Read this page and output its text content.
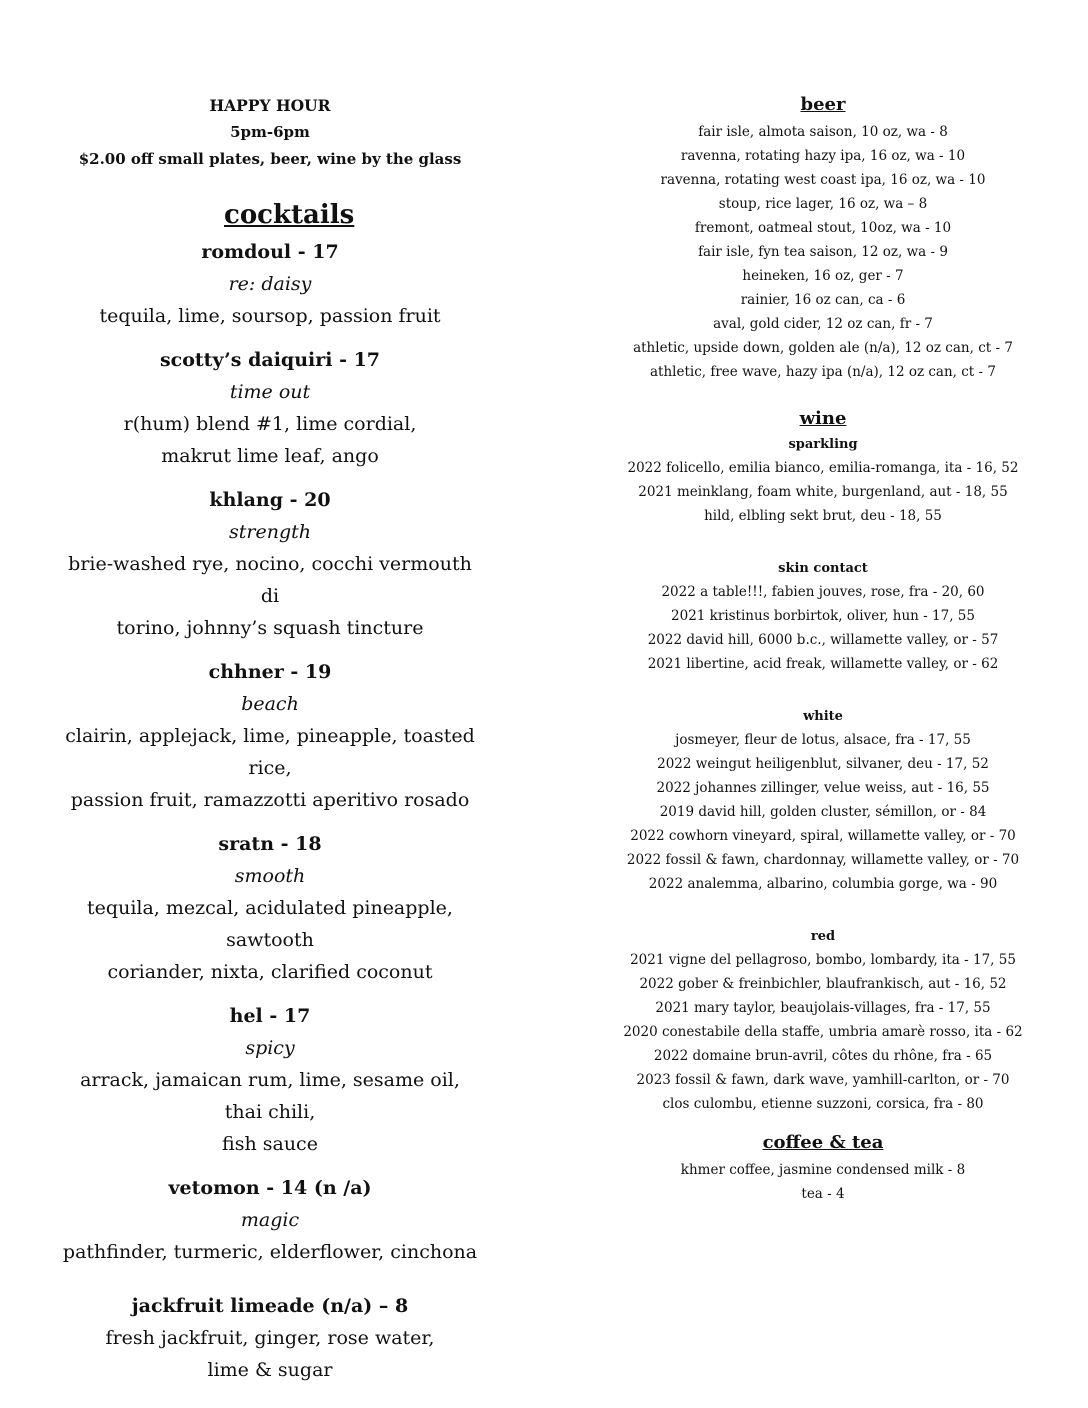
HAPPY HOUR
5pm-6pm
$2.00 off small plates, beer, wine by the glass
cocktails
romdoul - 17
re: daisy
tequila, lime, soursop, passion fruit
scotty’s daiquiri - 17
time out
r(hum) blend #1, lime cordial,
makrut lime leaf, ango
khlang - 20
strength
brie-washed rye, nocino, cocchi vermouth di
torino, johnny’s squash tincture
chhner - 19
beach
clairin, applejack, lime, pineapple, toasted rice,
passion fruit, ramazzotti aperitivo rosado
sratn - 18
smooth
tequila, mezcal, acidulated pineapple, sawtooth
coriander, nixta, clarified coconut
hel - 17
spicy
arrack, jamaican rum, lime, sesame oil, thai chili,
fish sauce
vetomon - 14 (n /a)
magic
pathfinder, turmeric, elderflower, cinchona
jackfruit limeade (n/a) – 8
fresh jackfruit, ginger, rose water,
lime & sugar
beer
fair isle, almota saison, 10 oz, wa - 8
ravenna, rotating hazy ipa, 16 oz, wa - 10
ravenna, rotating west coast ipa, 16 oz, wa - 10
stoup, rice lager, 16 oz, wa – 8
fremont, oatmeal stout, 10oz, wa - 10
fair isle, fyn tea saison, 12 oz, wa - 9
heineken, 16 oz, ger - 7
rainier, 16 oz can, ca - 6
aval, gold cider, 12 oz can, fr - 7
athletic, upside down, golden ale (n/a), 12 oz can, ct - 7
athletic, free wave, hazy ipa (n/a), 12 oz can, ct - 7
wine
sparkling
2022 folicello, emilia bianco, emilia-romanga, ita - 16, 52
2021 meinklang, foam white, burgenland, aut - 18, 55
hild, elbling sekt brut, deu - 18, 55
skin contact
2022 a table!!!, fabien jouves, rose, fra - 20, 60
2021 kristinus borbirtok, oliver, hun - 17, 55
2022 david hill, 6000 b.c., willamette valley, or - 57
2021 libertine, acid freak, willamette valley, or - 62
white
josmeyer, fleur de lotus, alsace, fra - 17, 55
2022 weingut heiligenblut, silvaner, deu - 17, 52
2022 johannes zillinger, velue weiss, aut - 16, 55
2019 david hill, golden cluster, sémillon, or - 84
2022 cowhorn vineyard, spiral, willamette valley, or - 70
2022 fossil & fawn, chardonnay, willamette valley, or - 70
2022 analemma, albarino, columbia gorge, wa - 90
red
2021 vigne del pellagroso, bombo, lombardy, ita - 17, 55
2022 gober & freinbichler, blaufrankisch, aut - 16, 52
2021 mary taylor, beaujolais-villages, fra - 17, 55
2020 conestabile della staffe, umbria amarè rosso, ita - 62
2022 domaine brun-avril, côtes du rhône, fra - 65
2023 fossil & fawn, dark wave, yamhill-carlton, or - 70
clos culombu, etienne suzzoni, corsica, fra - 80
coffee & tea
khmer coffee, jasmine condensed milk - 8
tea - 4
